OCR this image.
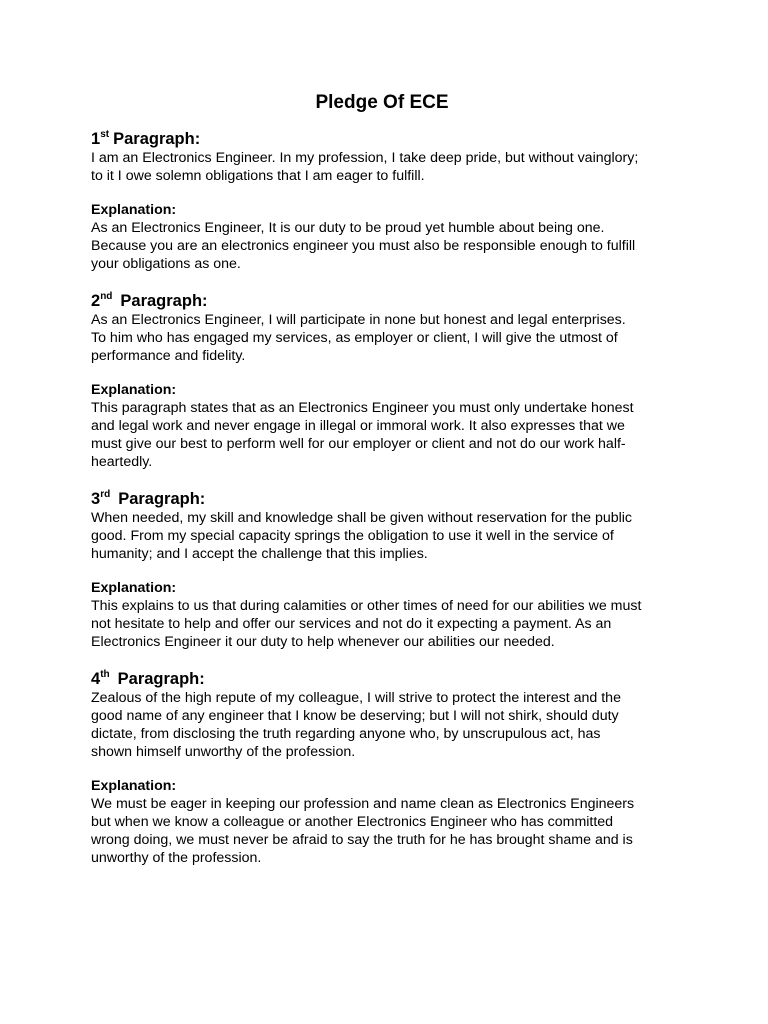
Pledge Of ECE

1st Paragraph:

I am an Electronics Engineer. In my profession, I take deep pride, but without vainglory;

to it I owe solemn obligations that I am eager to fulfill.

Explanation:

As an Electronics Engineer, It is our duty to be proud yet humble about being one.

Because you are an electronics engineer you must also be responsible enough to fulfill

your obligations as one.

2nd Paragraph:

As an Electronics Engineer, I will participate in none but honest and legal enterprises.

To him who has engaged my services, as employer or client, I will give the utmost of

performance and fidelity.

Explanation:

This paragraph states that as an Electronics Engineer you must only undertake honest

and legal work and never engage in illegal or immoral work. It also expresses that we

must give our best to perform well for our employer or client and not do our work half-

heartedly.

3rd Paragraph:

When needed, my skill and knowledge shall be given without reservation for the public

good. From my special capacity springs the obligation to use it well in the service of

humanity; and I accept the challenge that this implies.

Explanation:

This explains to us that during calamities or other times of need for our abilities we must

not hesitate to help and offer our services and not do it expecting a payment. As an

Electronics Engineer it our duty to help whenever our abilities our needed.

4th Paragraph:

Zealous of the high repute of my colleague, I will strive to protect the interest and the

good name of any engineer that I know be deserving; but I will not shirk, should duty

dictate, from disclosing the truth regarding anyone who, by unscrupulous act, has

shown himself unworthy of the profession.

Explanation:

We must be eager in keeping our profession and name clean as Electronics Engineers

but when we know a colleague or another Electronics Engineer who has committed

wrong doing, we must never be afraid to say the truth for he has brought shame and is

unworthy of the profession.
